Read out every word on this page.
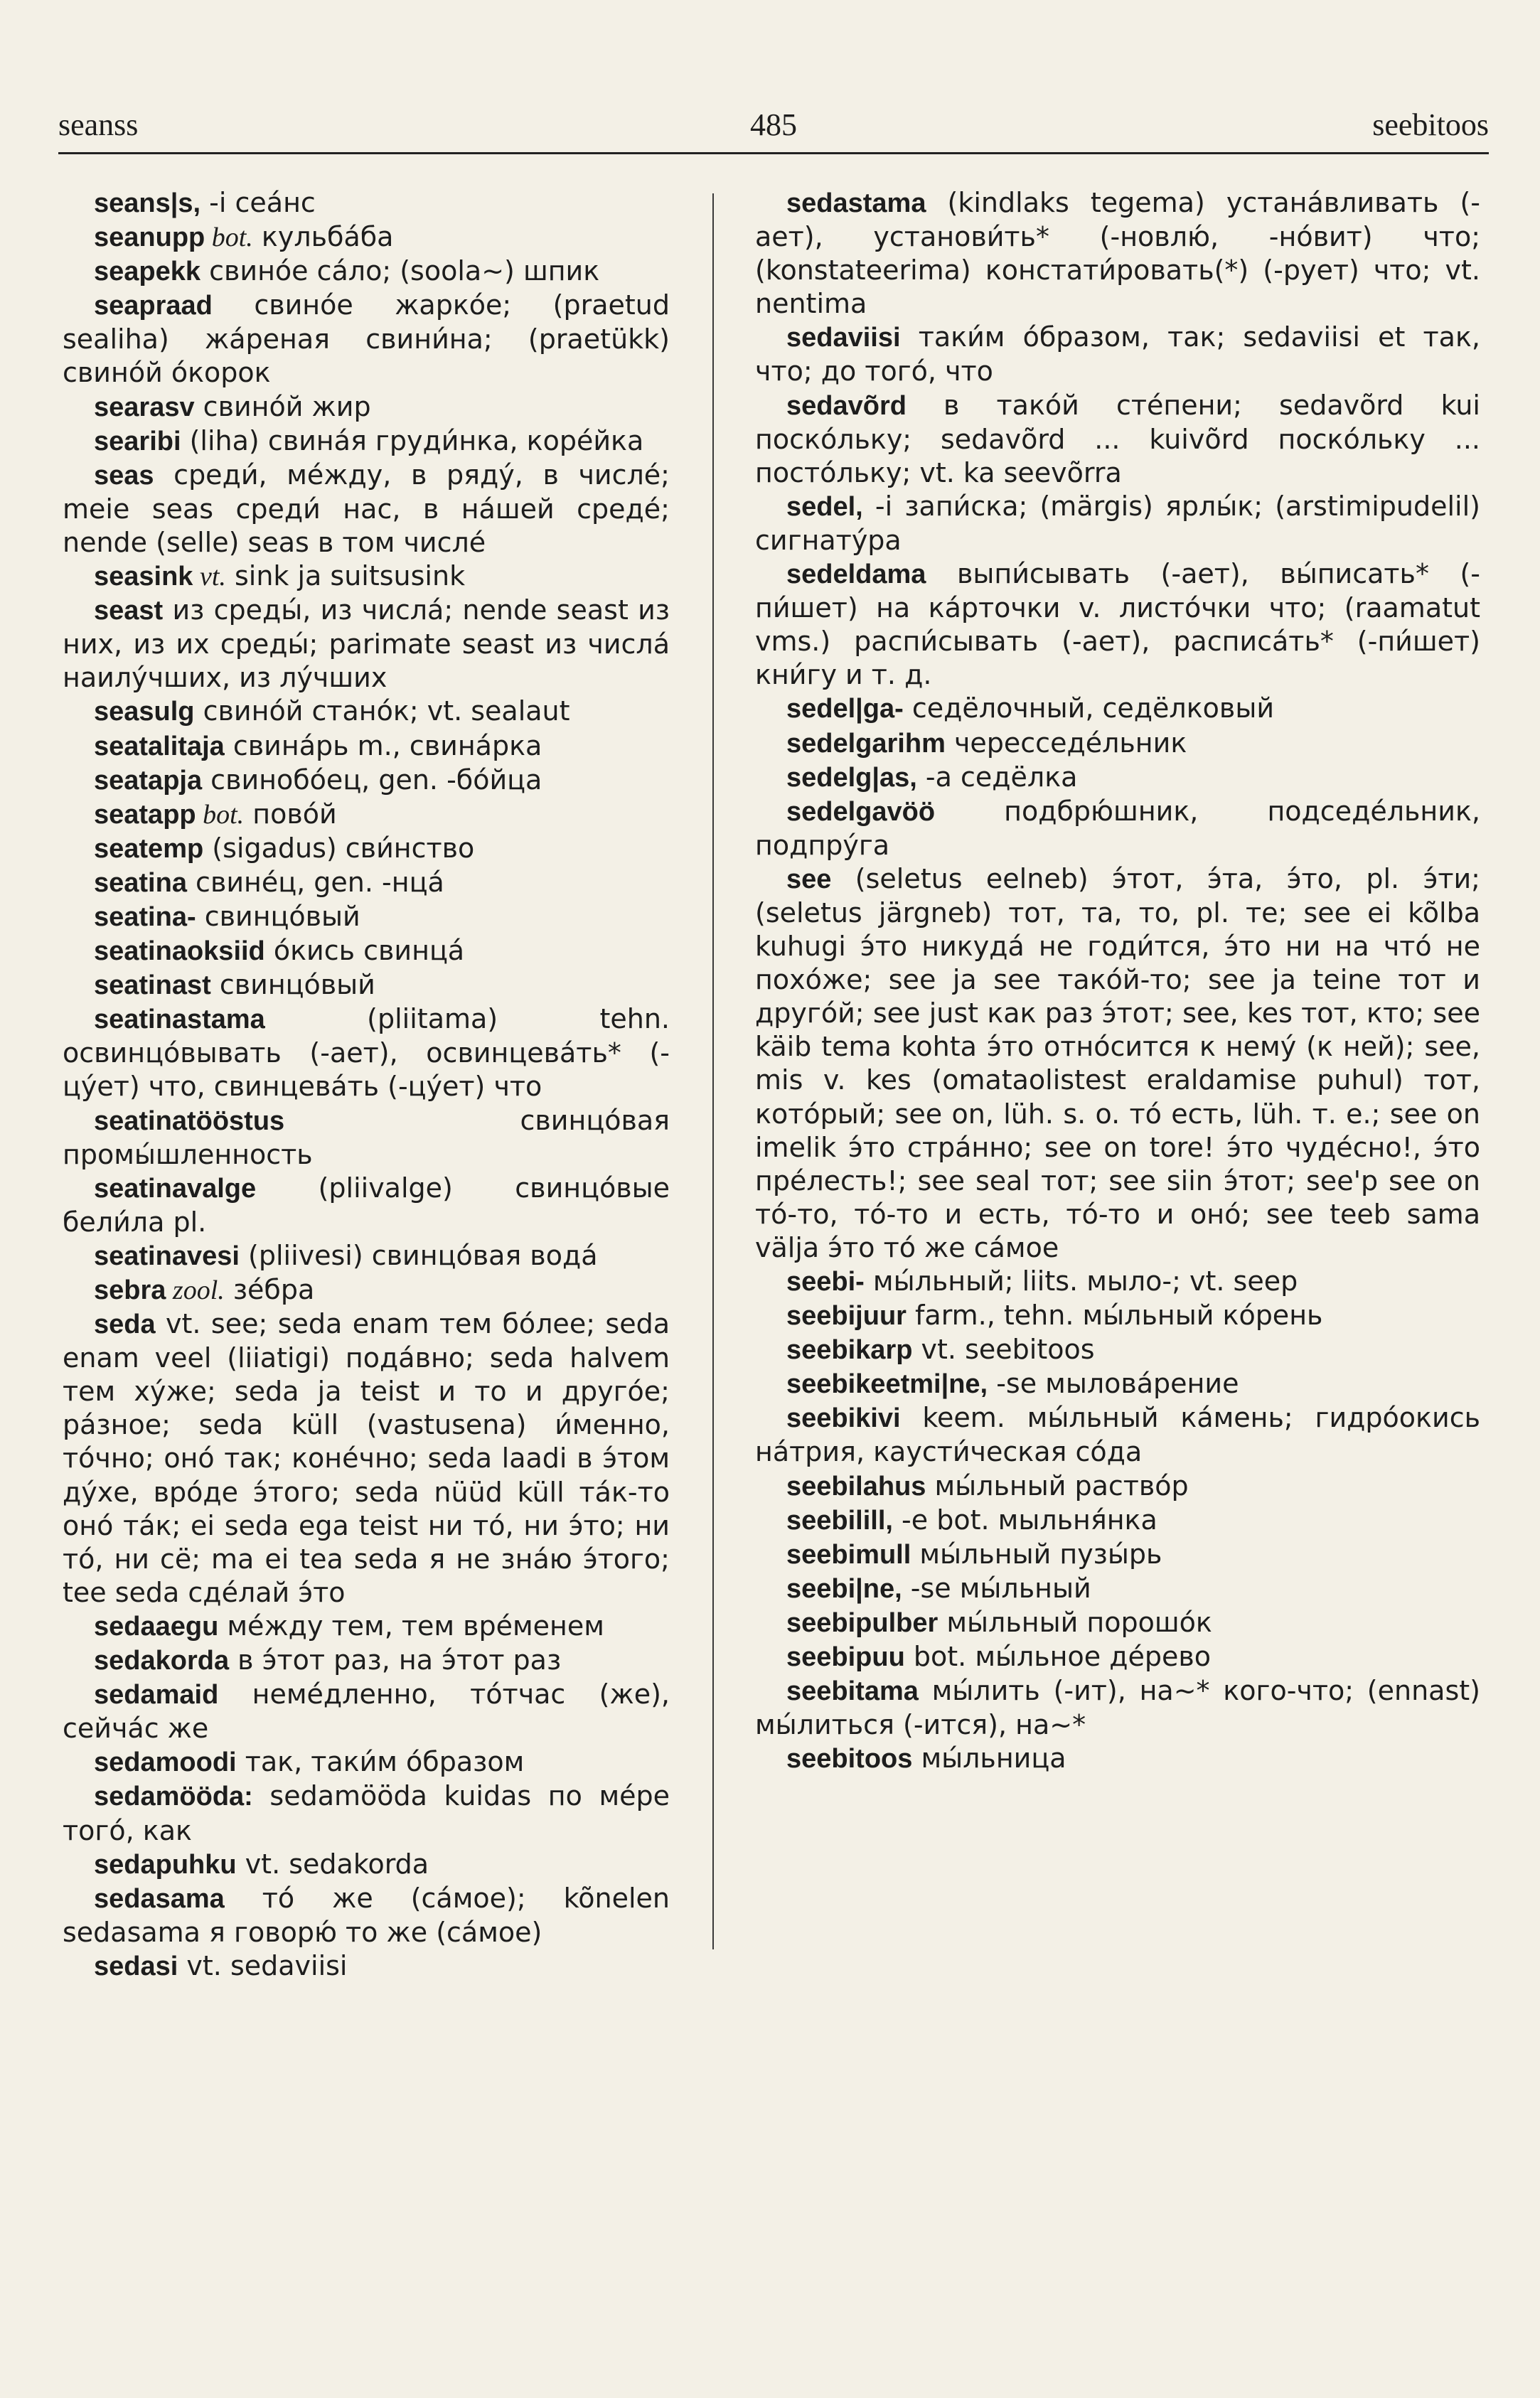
seanss	485	seebitoos

seans|s, -i сеа́нс

seanupp bot. кульба́ба

seapekk свино́е са́ло; (soola~) шпик

seapraad свино́е жарко́е; (praetud sealiha) жа́реная свини́на; (praetükk) свино́й о́корок

searasv свино́й жир

searibi (liha) свина́я груди́нка, коре́йка

seas среди́, ме́жду, в ряду́, в числе́; meie seas среди́ нас, в на́шей среде́; nende (selle) seas в том числе́

seasink vt. sink ja suitsusink

seast из среды́, из числа́; nende seast из них, из их среды́; parimate seast из числа́ наилу́чших, из лу́чших

seasulg свино́й стано́к; vt. sealaut

seatalitaja свина́рь m., свина́рка

seatapja свинобо́ец, gen. -бо́йца

seatapp bot. пово́й

seatemp (sigadus) сви́нство

seatina свине́ц, gen. -нца́

seatina- свинцо́вый

seatinaoksiid о́кись свинца́

seatinast свинцо́вый

seatinastama (pliitama) tehn. освинцо́вывать (-ает), освинцева́ть* (-цу́ет) что, свинцева́ть (-цу́ет) что

seatinatööstus свинцо́вая промы́шленность

seatinavalge (pliivalge) свинцо́вые бели́ла pl.

seatinavesi (pliivesi) свинцо́вая вода́

sebra zool. зе́бра

seda vt. see; seda enam тем бо́лее; seda enam veel (liiatigi) пода́вно; seda halvem тем ху́же; seda ja teist и то и друго́е; ра́зное; seda küll (vastusena) и́менно, то́чно; оно́ так; коне́чно; seda laadi в э́том ду́хе, вро́де э́того; seda nüüd küll та́к-то оно́ та́к; ei seda ega teist ни то́, ни э́то; ни то́, ни сё; ma ei tea seda я не зна́ю э́того; tee seda сде́лай э́то

sedaaegu ме́жду тем, тем вре́менем

sedakorda в э́тот раз, на э́тот раз

sedamaid неме́дленно, то́тчас (же), сейча́с же

sedamoodi так, таки́м о́бразом

sedamööda: sedamööda kuidas по ме́ре того́, как

sedapuhku vt. sedakorda

sedasama то́ же (са́мое); kõnelen sedasama я говорю́ то же (са́мое)

sedasi vt. sedaviisi

sedastama (kindlaks tegema) устана́вливать (-ает), установи́ть* (-новлю́, -но́вит) что; (konstateerima) констати́ровать(*) (-рует) что; vt. nentima

sedaviisi таки́м о́бразом, так; sedaviisi et так, что; до того́, что

sedavõrd в тако́й сте́пени; sedavõrd kui поско́льку; sedavõrd ... kuivõrd поско́льку ... посто́льку; vt. ka seevõrra

sedel, -i запи́ска; (märgis) ярлы́к; (arstimipudelil) сигнату́ра

sedeldama выпи́сывать (-ает), вы́писать* (-пи́шет) на ка́рточки v. листо́чки что; (raamatut vms.) распи́сывать (-ает), расписа́ть* (-пи́шет) кни́гу и т. д.

sedel|ga- седёлочный, седёлковый

sedelgarihm чересседе́льник

sedelg|as, -a седёлка

sedelgavöö подбрю́шник, подседе́льник, подпру́га

see (seletus eelneb) э́тот, э́та, э́то, pl. э́ти; (seletus järgneb) тот, та, то, pl. те; see ei kõlba kuhugi э́то никуда́ не годи́тся, э́то ни на что́ не похо́же; see ja see тако́й-то; see ja teine тот и друго́й; see just как раз э́тот; see, kes тот, кто; see käib tema kohta э́то отно́сится к нему́ (к ней); see, mis v. kes (omataolistest eraldamise puhul) тот, кото́рый; see on, lüh. s. o. то́ есть, lüh. т. е.; see on imelik э́то стра́нно; see on tore! э́то чуде́сно!, э́то пре́лесть!; see seal тот; see siin э́тот; see'p see on то́-то, то́-то и есть, то́-то и оно́; see teeb sama välja э́то то́ же са́мое

seebi- мы́льный; liits. мыло-; vt. seep

seebijuur farm., tehn. мы́льный ко́рень

seebikarp vt. seebitoos

seebikeetmi|ne, -se мылова́рение

seebikivi keem. мы́льный ка́мень; гидро́окись на́трия, каусти́ческая со́да

seebilahus мы́льный раство́р

seebilill, -e bot. мыльня́нка

seebimull мы́льный пузы́рь

seebi|ne, -se мы́льный

seebipulber мы́льный порошо́к

seebipuu bot. мы́льное де́рево

seebitama мы́лить (-ит), на~* кого-что; (ennast) мы́литься (-ится), на~*

seebitoos мы́льница
